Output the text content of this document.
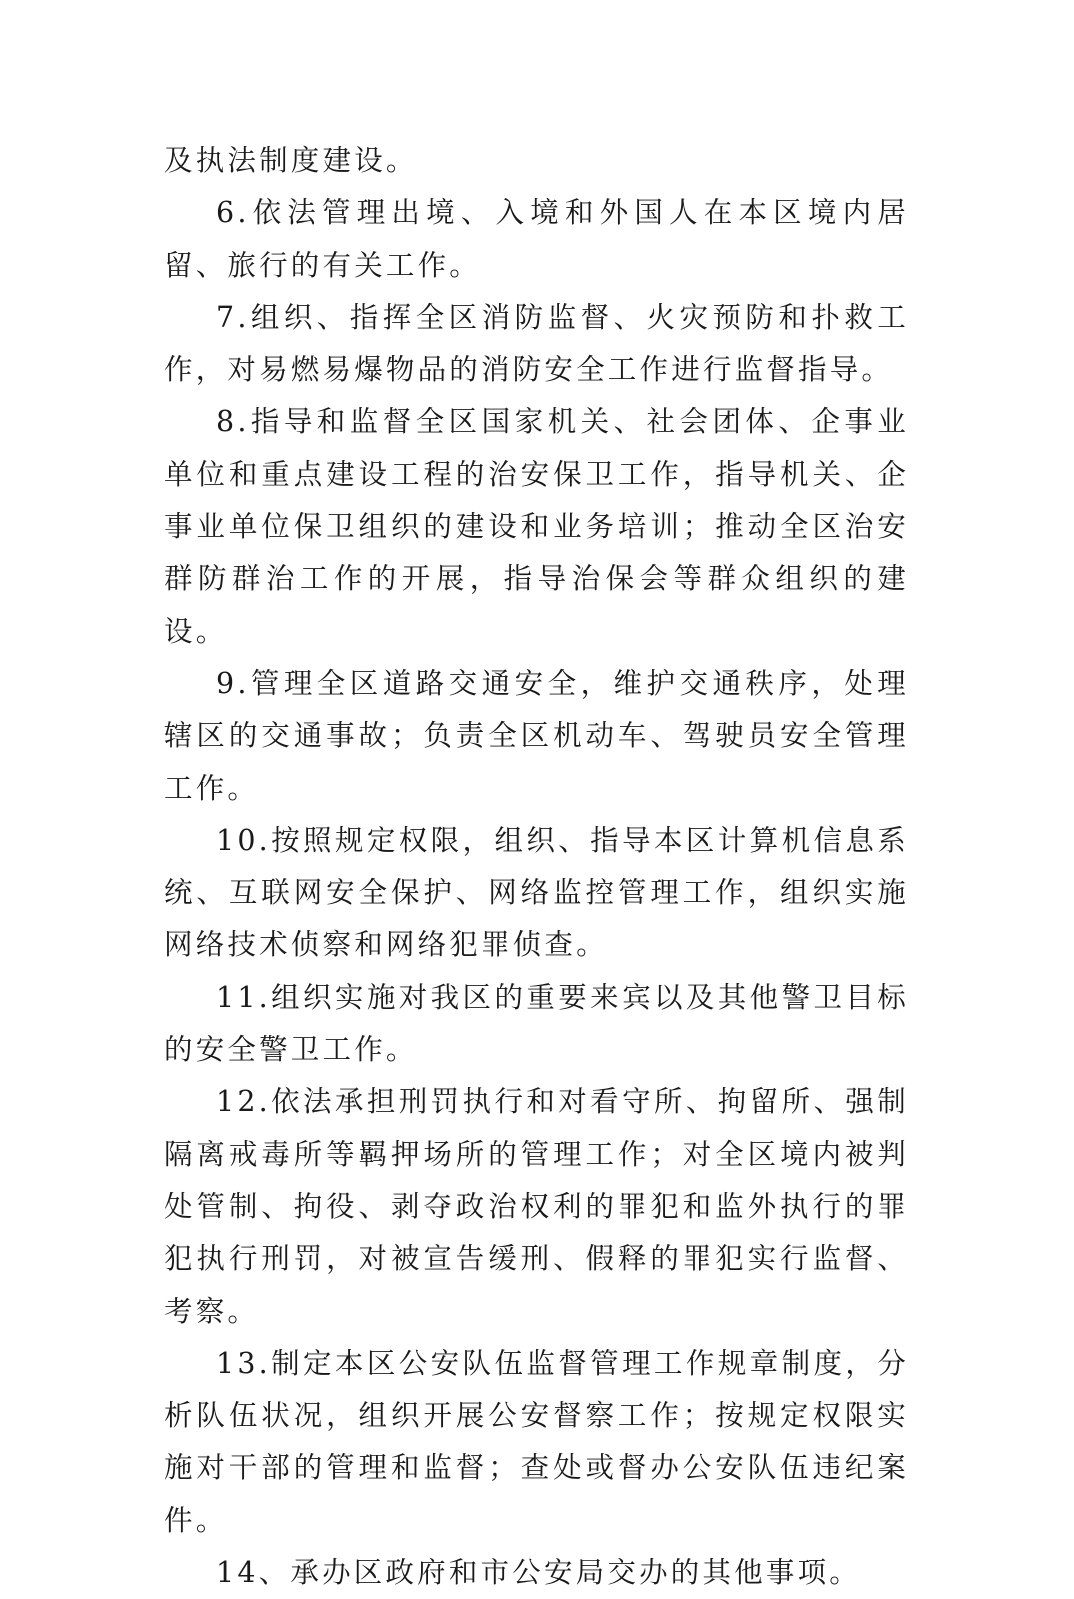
及执法制度建设。

6.依法管理出境、入境和外国人在本区境内居留、旅行的有关工作。

7.组织、指挥全区消防监督、火灾预防和扑救工作，对易燃易爆物品的消防安全工作进行监督指导。

8.指导和监督全区国家机关、社会团体、企事业单位和重点建设工程的治安保卫工作，指导机关、企事业单位保卫组织的建设和业务培训；推动全区治安群防群治工作的开展，指导治保会等群众组织的建设。

9.管理全区道路交通安全，维护交通秩序，处理辖区的交通事故；负责全区机动车、驾驶员安全管理工作。

10.按照规定权限，组织、指导本区计算机信息系统、互联网安全保护、网络监控管理工作，组织实施网络技术侦察和网络犯罪侦查。

11.组织实施对我区的重要来宾以及其他警卫目标的安全警卫工作。

12.依法承担刑罚执行和对看守所、拘留所、强制隔离戒毒所等羁押场所的管理工作；对全区境内被判处管制、拘役、剥夺政治权利的罪犯和监外执行的罪犯执行刑罚，对被宣告缓刑、假释的罪犯实行监督、考察。

13.制定本区公安队伍监督管理工作规章制度，分析队伍状况，组织开展公安督察工作；按规定权限实施对干部的管理和监督；查处或督办公安队伍违纪案件。

14、承办区政府和市公安局交办的其他事项。
